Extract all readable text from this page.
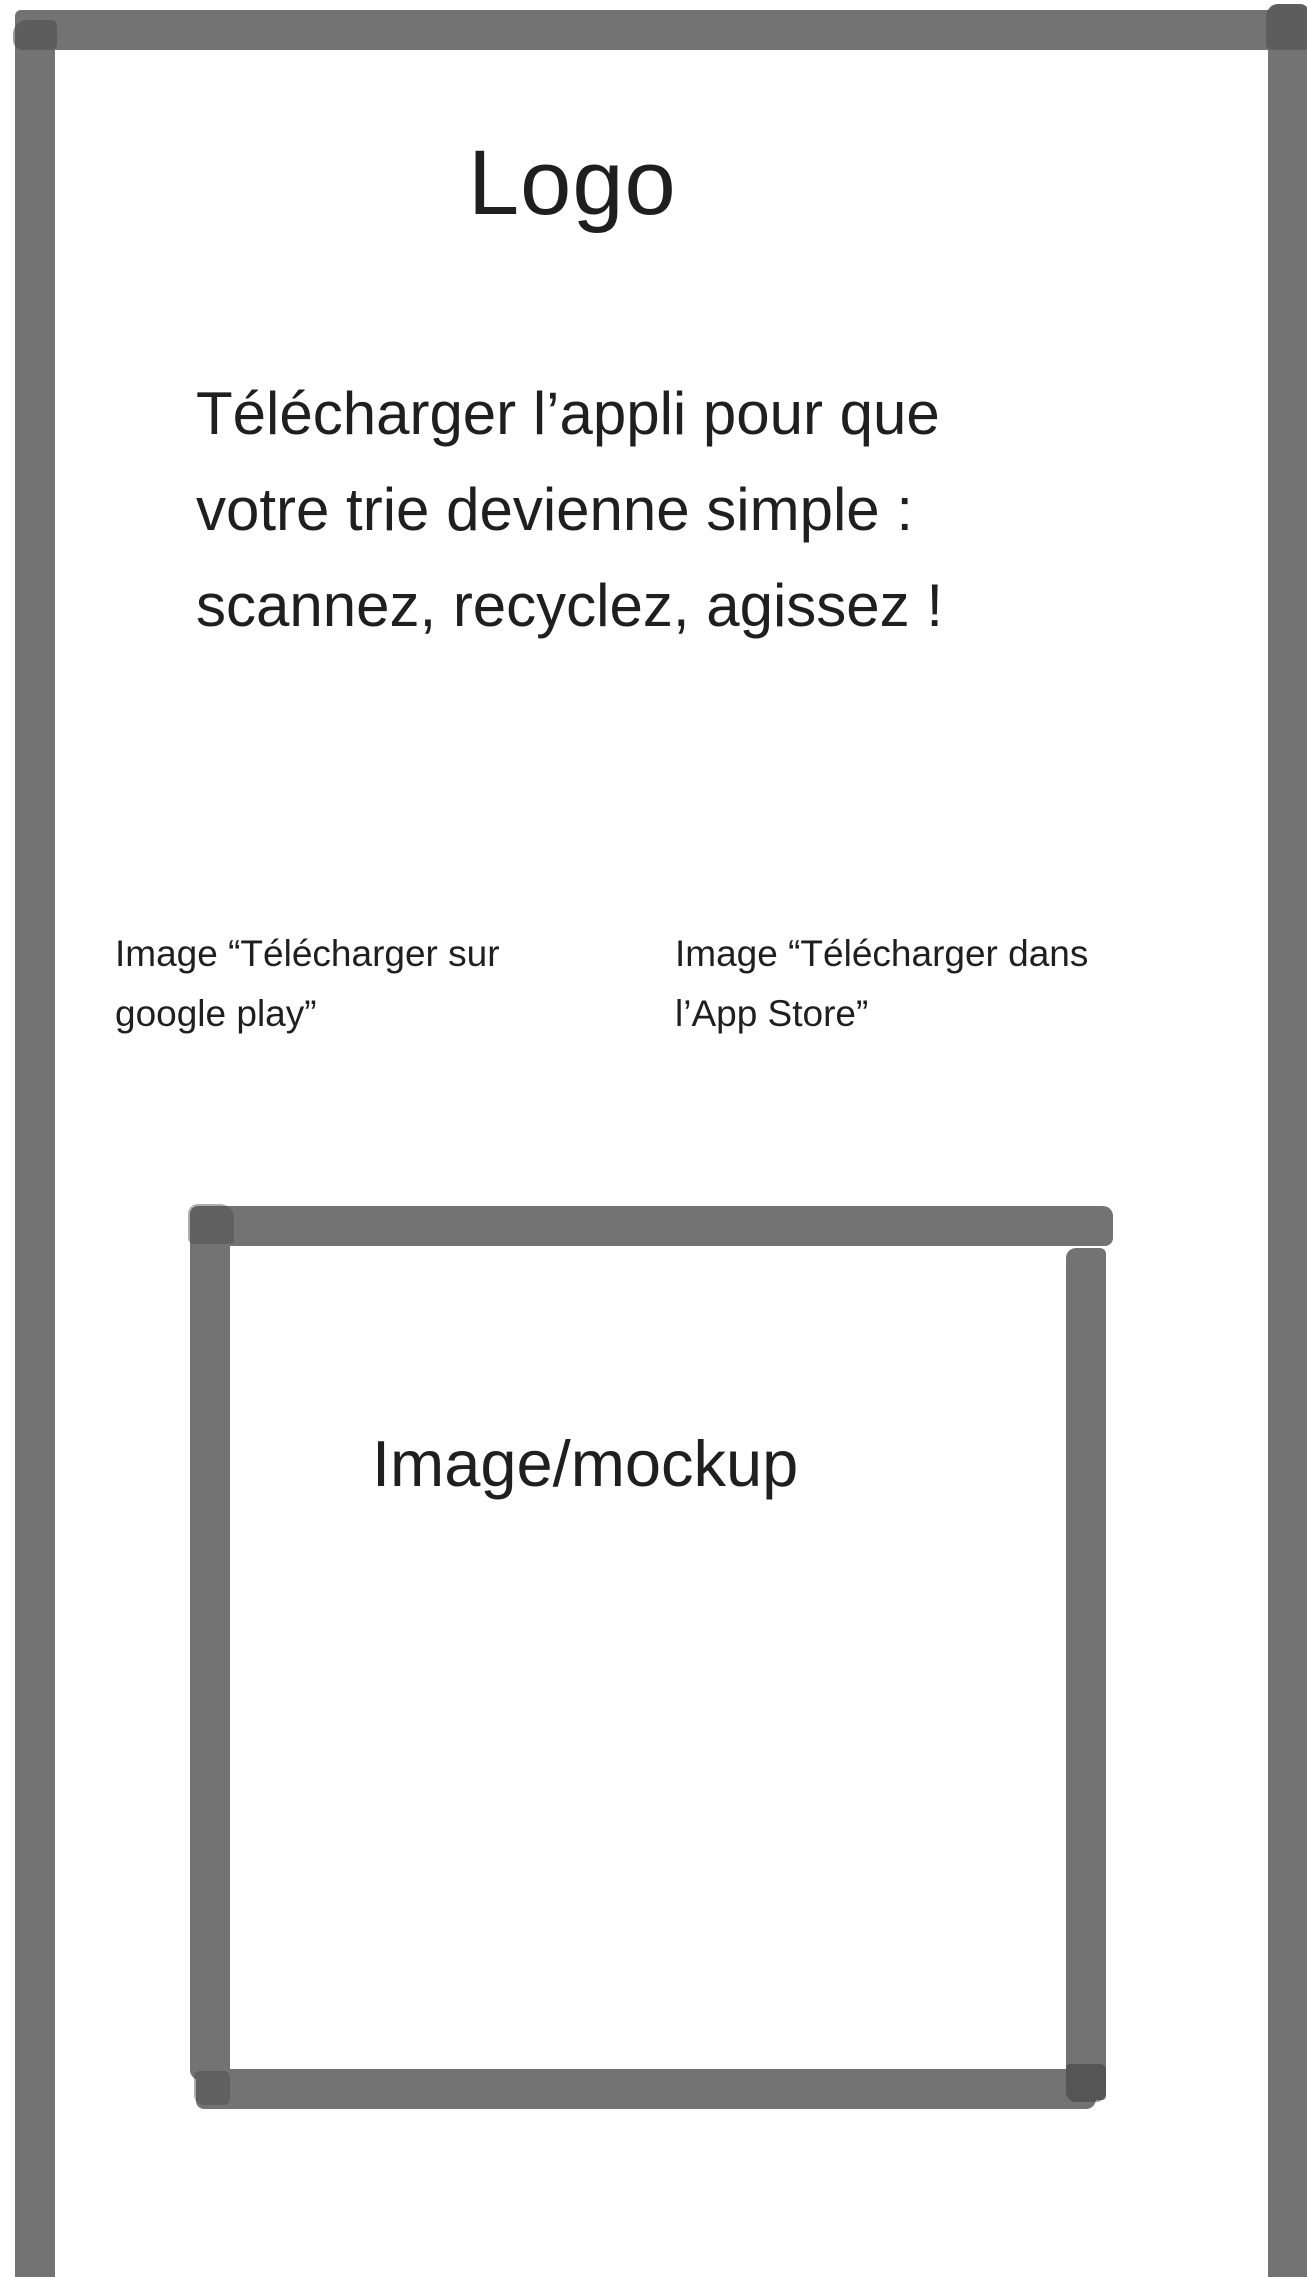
Logo
Télécharger l’appli pour que
votre trie devienne simple :
scannez, recyclez, agissez !
Image “Télécharger sur
google play”
Image “Télécharger dans
l’App Store”
Image/mockup
